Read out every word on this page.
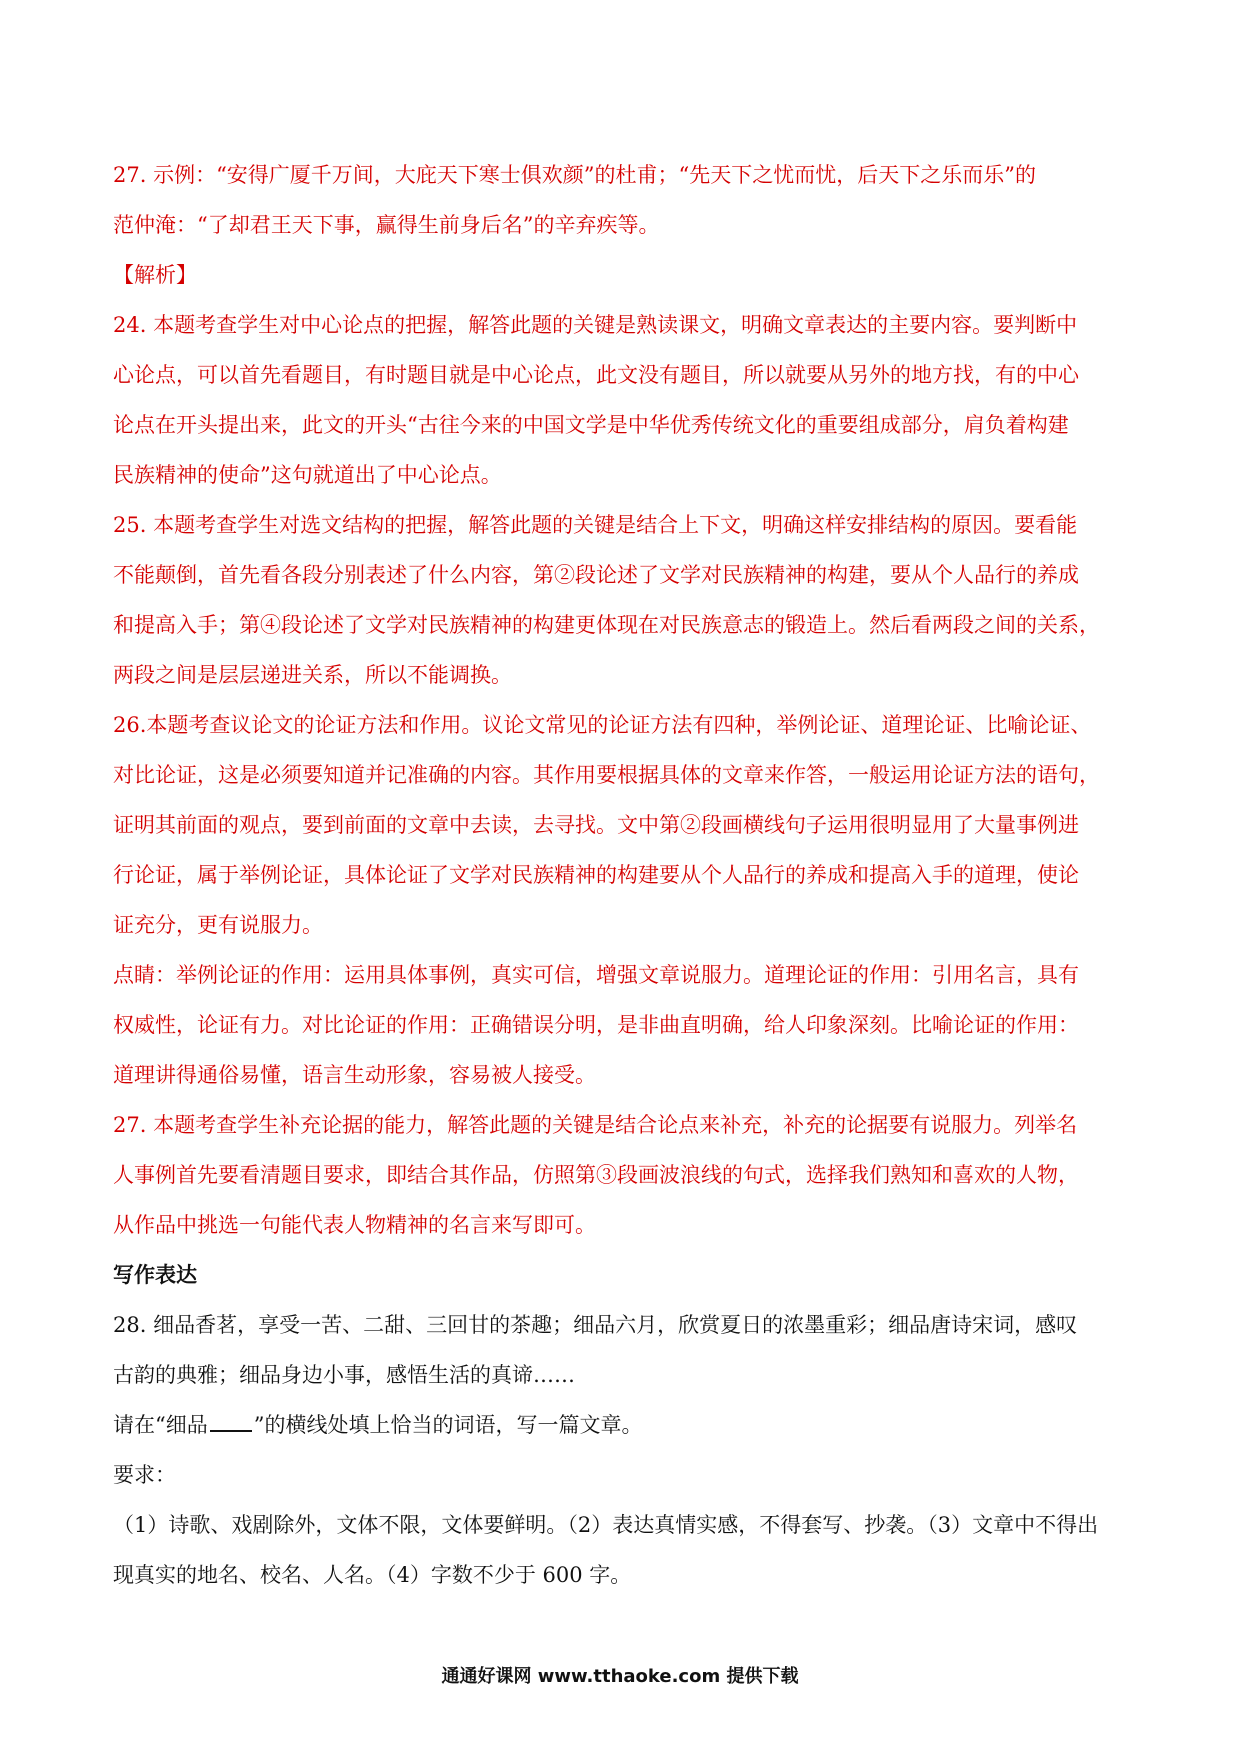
27. 示例：“安得广厦千万间，大庇天下寒士俱欢颜”的杜甫；“先天下之忧而忧，后天下之乐而乐”的

范仲淹：“了却君王天下事，赢得生前身后名”的辛弃疾等。

【解析】

24. 本题考查学生对中心论点的把握，解答此题的关键是熟读课文，明确文章表达的主要内容。要判断中

心论点，可以首先看题目，有时题目就是中心论点，此文没有题目，所以就要从另外的地方找，有的中心

论点在开头提出来，此文的开头“古往今来的中国文学是中华优秀传统文化的重要组成部分，肩负着构建

民族精神的使命”这句就道出了中心论点。

25. 本题考查学生对选文结构的把握，解答此题的关键是结合上下文，明确这样安排结构的原因。要看能

不能颠倒，首先看各段分别表述了什么内容，第②段论述了文学对民族精神的构建，要从个人品行的养成

和提高入手；第④段论述了文学对民族精神的构建更体现在对民族意志的锻造上。然后看两段之间的关系，

两段之间是层层递进关系，所以不能调换。

26.本题考查议论文的论证方法和作用。议论文常见的论证方法有四种，举例论证、道理论证、比喻论证、

对比论证，这是必须要知道并记准确的内容。其作用要根据具体的文章来作答，一般运用论证方法的语句，

证明其前面的观点，要到前面的文章中去读，去寻找。文中第②段画横线句子运用很明显用了大量事例进

行论证，属于举例论证，具体论证了文学对民族精神的构建要从个人品行的养成和提高入手的道理，使论

证充分，更有说服力。

点睛：举例论证的作用：运用具体事例，真实可信，增强文章说服力。道理论证的作用：引用名言，具有

权威性，论证有力。对比论证的作用：正确错误分明，是非曲直明确，给人印象深刻。比喻论证的作用：

道理讲得通俗易懂，语言生动形象，容易被人接受。

27. 本题考查学生补充论据的能力，解答此题的关键是结合论点来补充，补充的论据要有说服力。列举名

人事例首先要看清题目要求，即结合其作品，仿照第③段画波浪线的句式，选择我们熟知和喜欢的人物，

从作品中挑选一句能代表人物精神的名言来写即可。

写作表达

28. 细品香茗，享受一苦、二甜、三回甘的茶趣；细品六月，欣赏夏日的浓墨重彩；细品唐诗宋词，感叹

古韵的典雅；细品身边小事，感悟生活的真谛……

请在“细品 ”的横线处填上恰当的词语，写一篇文章。

要求：

（1）诗歌、戏剧除外，文体不限，文体要鲜明。（2）表达真情实感，不得套写、抄袭。（3）文章中不得出

现真实的地名、校名、人名。（4）字数不少于 600 字。

通通好课网 www.tthaoke.com 提供下载
